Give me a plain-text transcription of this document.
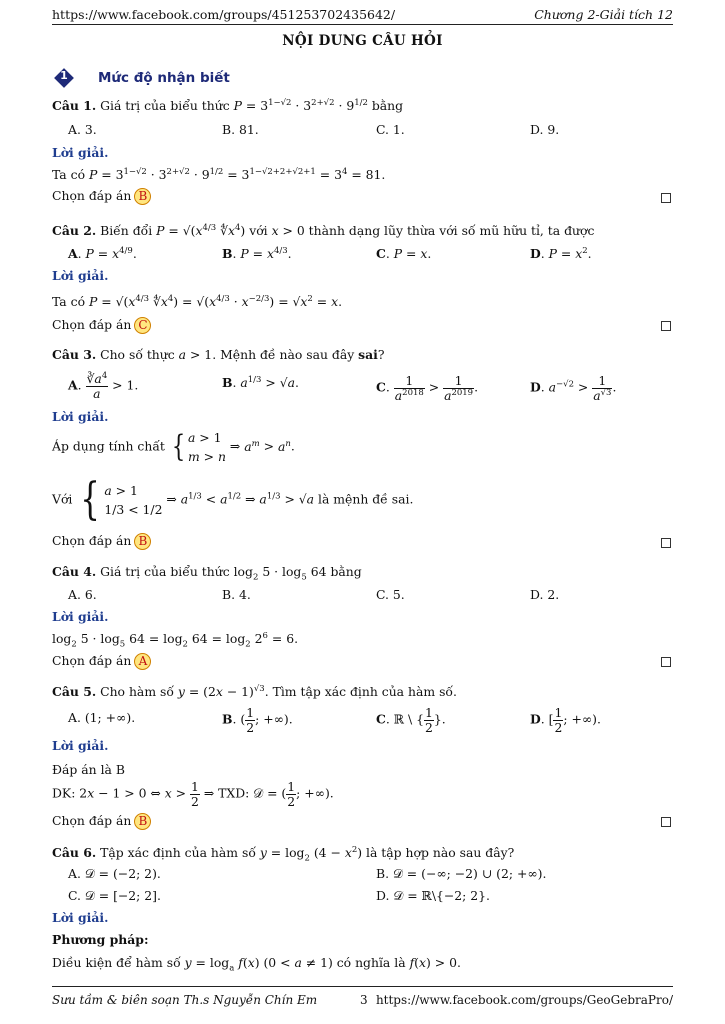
https://www.facebook.com/groups/451253702435642/	Chương 2-Giải tích 12
NỘI DUNG CÂU HỎI
1	Mức độ nhận biết
Câu 1. Giá trị của biểu thức $P = 3^{1-√2} \cdot 3^{2+√2} \cdot 9^{1/2}$ bằng
A. 3.	B. 81.	C. 1.	D. 9.
Lời giải.
Ta có $P = 3^{1-√2} \cdot 3^{2+√2} \cdot 9^{1/2} = 3^{1-√2+2+√2+1} = 3^4 = 81$.
Chọn đáp án B
Câu 2. Biến đổi $P = √(x^{4/3}$ $∜x^4$) với x > 0 thành dạng lũy thừa với số mũ hữu tỉ, ta được
A. $P = x^{4/9}$.	B. $P = x^{4/3}$.	C. P = x.	D. $P = x^2$.
Lời giải.
Ta có $P = √(x^{4/3}$ $∜x^4) = √(x^{4/3} \cdot x^{-2/3}) = √x^2 = x$.
Chọn đáp án C
Câu 3. Cho số thực a > 1. Mệnh đề nào sau đây sai?
A. $\frac{∛a^4}{a} > 1$.	B. $a^{1/3} > √a$.	C. $\frac{1}{a^{2018}} > \frac{1}{a^{2019}}$ .	D. $a^{-√2} > \frac{1}{a^{√3}}$ .
Lời giải.
Áp dụng tính chất { a > 1
m > n ⇒ $a^m > a^n$.
Với { a > 1
1/3 < 1/2 ⇒ $a^{1/3} < a^{1/2}$ ⇒ $a^{1/3} > √a$ là mệnh đề sai.
Chọn đáp án B
Câu 4. Giá trị của biểu thức $\log_2 5 \cdot \log_5 64$ bằng
A. 6.	B. 4.	C. 5.	D. 2.
Lời giải.
$\log_2 5 \cdot \log_5 64 = \log_2 64 = \log_2 2^6 = 6$.
Chọn đáp án A
Câu 5. Cho hàm số $y = (2x - 1)^{√3}$. Tìm tập xác định của hàm số.
A. (1; +∞).	B. ( $\frac{1}{2}$ ; +∞).	C. ℝ \ { $\frac{1}{2}$ }.	D. [ $\frac{1}{2}$ ; +∞).
Lời giải.
Đáp án là B
DK: 2x − 1 > 0 ⇔ $x > \frac{1}{2}$ ⇒ TXD: 𝒟 = ( $\frac{1}{2}$ ; +∞).
Chọn đáp án B
Câu 6. Tập xác định của hàm số $y = \log_2 (4 - x^2)$ là tập hợp nào sau đây?
A. 𝒟 = (−2; 2).	B. 𝒟 = (−∞; −2) ∪ (2; +∞).
C. 𝒟 = [−2; 2].	D. 𝒟 = ℝ\{−2; 2}.
Lời giải.
Phương pháp:
Diều kiện để hàm số $y = \log_a f(x) (0 < a \ne 1)$ có nghĩa là f(x) > 0.
Sưu tầm & biên soạn Th.s Nguyễn Chín Em	3 https://www.facebook.com/groups/GeoGebraPro/
